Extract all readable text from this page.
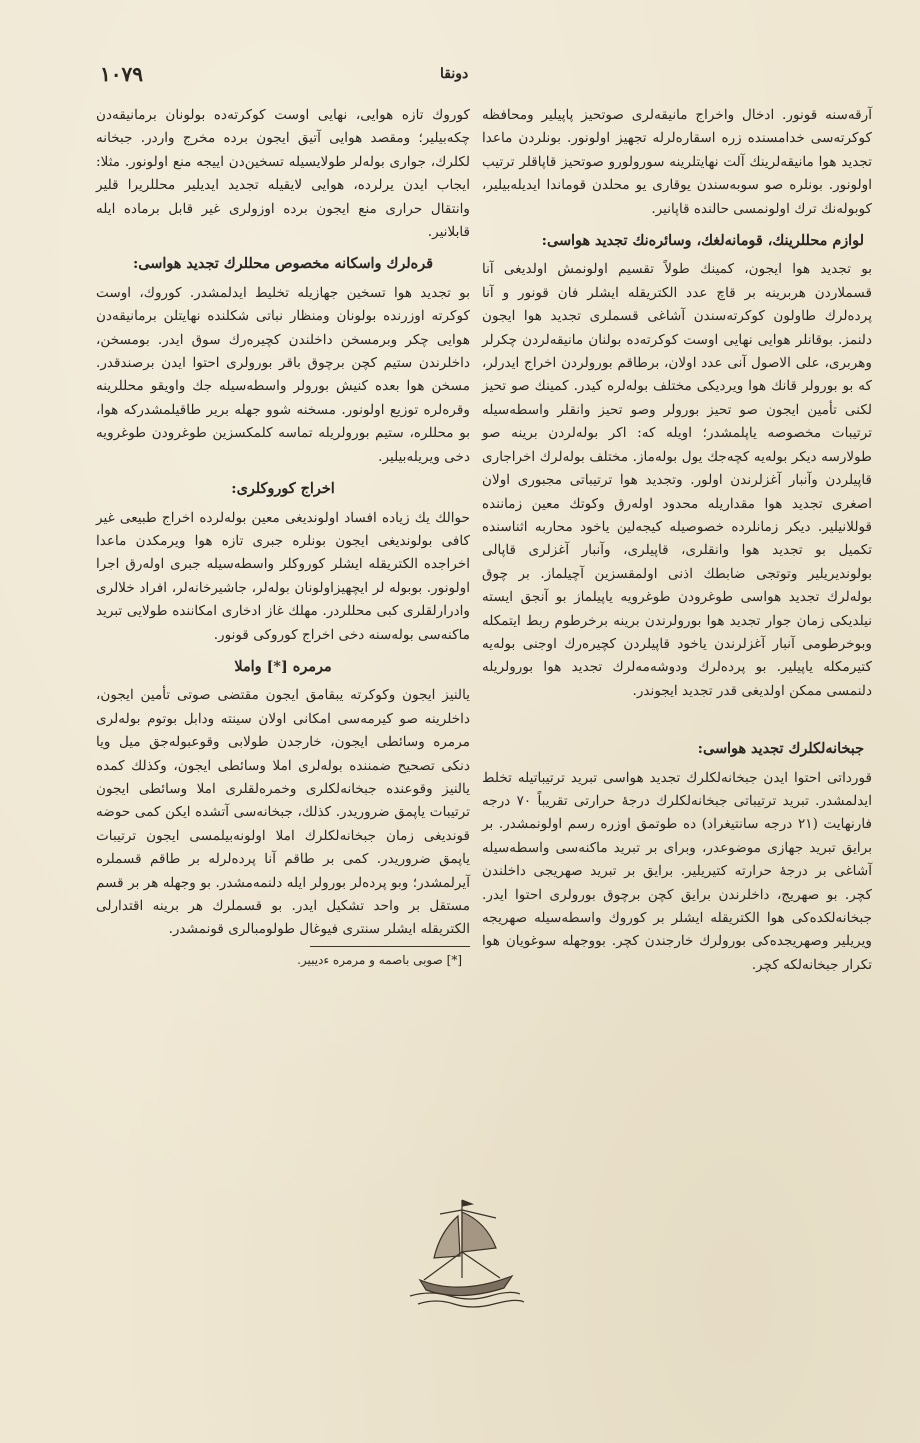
١٠٧٩	دونقا

آرقه‌سنه قونور. ادخال واخراج مانیقه‌لری صوتحیز پاپیلیر ومحافظه کوکرته‌سی خدامسنده زره اسقارەلرله تجهیز اولونور. بونلردن ماعدا تجدید هوا مانیقه‌لرینك آلت نهایتلرینه سورولورو صوتحیز قاپاقلر ترتیب اولونور. بونلره صو سوبه‌سندن یوقاری یو محلدن قوماندا ایدیله‌بیلیر، کوبوله‌نك ترك اولونمسی حالنده قاپانیر.

لوازم محللرینك، قومانه‌لغك، وسائره‌نك تجدید هواسی:

بو تجدید هوا ایجون، کمینك طولاً تقسیم اولونمش اولدیغی آنا قسملاردن هربرینه بر قاچ عدد الکتریقله ایشلر فان قونور و آنا پرده‌لرك طاولون کوکرته‌سندن آشاغی قسملری تجدید هوا ایجون دلنمز. بوقانلر هوایی نهایی اوست کوکرته‌ده بولنان مانیقه‌لردن چکرلر وهربری، علی الاصول آنی عدد اولان، برطاقم بورولردن اخراج ایدرلر، که بو بورولر قانك هوا ویردیکی مختلف بوله‌لره کیدر. کمینك صو تحیز لکنی تأمین ایجون صو تحیز بورولر وصو تحیز وانقلر واسطه‌سیله ترتیبات مخصوصه یاپلمشدر؛ اویله که: اکر بوله‌لردن برینه صو طولارسه دیکر بوله‌یه کچه‌جك یول بوله‌ماز. مختلف بوله‌لرك اخراجاری قاپیلردن وآنبار آغزلرندن اولور. وتجدید هوا ترتیباتی مجبوری اولان اصغری تجدید هوا مقداریله محدود اوله‌رق وکوتك معین زماننده قوللانیلیر. دیکر زمانلرده خصوصیله کیجه‌لین یاخود محاربه اثناسنده تکمیل بو تجدید هوا وانقلری، قاپیلری، وآنبار آغزلری قاپالی بولوندیریلیر وتوتجی ضابطك اذنی اولمقسزین آچیلماز. بر چوق بوله‌لرك تجدید هواسی طوغرودن طوغرویه یاپیلماز بو آنجق ایسته نیلدیکی زمان جوار تجدید هوا بورولرندن برینه برخرطوم ربط ایتمکله وبوخرطومی آنبار آغزلرندن یاخود قاپیلردن کچیره‌رك اوجنی بوله‌یه کتیرمکله یاپیلیر. بو پرده‌لرك ودوشه‌مه‌لرك تجدید هوا بورولریله دلنمسی ممکن اولدیغی قدر تجدید ایجوندر.

جبخانه‌لکلرك تجدید هواسی:

قورداتی احتوا ایدن جبخانه‌لکلرك تجدید هواسی تبرید ترتیباتیله تخلط ایدلمشدر. تبرید ترتیباتی جبخانه‌لکلرك درجهٔ حرارتی تقریباً ٧٠ درجه فارنهایت (٢١ درجه سانتیغراد) ده طوتمق اوزره رسم اولونمشدر. بر برایق تبرید جهازی موضوعدر، وبرای بر تبرید ماکنه‌سی واسطه‌سیله آشاغی بر درجهٔ حرارته کتیریلیر. برایق بر تبرید صهریجی داخلندن کچر. بو صهریج، داخلرندن برایق کچن برچوق بورولری احتوا ایدر. جبخانه‌لکده‌کی هوا الکتریقله ایشلر بر کوروك واسطه‌سیله صهریجه ویریلیر وصهریجده‌کی بورولرك خارجندن کچر. بووجهله سوغویان هوا تکرار جبخانه‌لکه کچر.

کوروك تازه هوایی، نهایی اوست کوکرته‌ده بولونان برمانیقه‌دن چکه‌بیلیر؛ ومقصد هوایی آتیق ایجون برده مخرج واردر. جبخانه لکلرك، جواری بوله‌لر طولایسیله تسخین‌دن اییجه منع اولونور. مثلا: ایجاب ایدن یرلرده، هوایی لایقیله تجدید ایدیلیر محللریرا قلیر وانتقال حراری منع ایجون برده اوزولری غیر قابل برماده ایله قابلانیر.

قره‌لرك واسکانه مخصوص محللرك تجدید هواسی:

بو تجدید هوا تسخین جهازیله تخلیط ایدلمشدر. کوروك، اوست کوکرته اوزرنده بولونان ومنظار نباتی شکلنده نهایتلن برمانیقه‌دن هوایی چکر وبرمسخن داخلندن کچیره‌رك سوق ایدر. بومسخن، داخلرندن ستیم کچن برچوق باقر بورولری احتوا ایدن برصندقدر. مسخن هوا بعده کنیش بورولر واسطه‌سیله جك واویقو محللرینه وقره‌لره توزیع اولونور. مسخنه شوو جهله بریر طاقیلمشدرکه هوا، بو محللره، ستیم بورولریله تماسه کلمکسزین طوغرودن طوغرویه دخی ویریله‌بیلیر.

اخراج کوروکلری:

حوالك یك زیاده افساد اولوندیغی معین بوله‌لرده اخراج طبیعی غیر کافی بولوندیغی ایجون بونلره جبری تازه هوا ویرمکدن ماعدا اخراجده الکتریقله ایشلر کوروکلر واسطه‌سیله جبری اوله‌رق اجرا اولونور. بوبوله لر ایچهیزاولونان بوله‌لر، جاشیرخانه‌لر، افراد خلالری وادرارلقلری کبی محللردر. مهلك غاز ادخاری امکاننده طولایی تبرید ماکنه‌سی بوله‌سنه دخی اخراج کوروکی قونور.

مرمره [*] واملا

یالنیز ایجون وکوکرته‌ یبقامق ایجون مقتضی صوتی تأمین ایجون، داخلرینه صو کیرمه‌سی امکانی اولان سینته ودابل بوتوم بوله‌لری مرمره وسائطی ایجون، خارجدن طولابی وقوعبوله‌جق میل ویا دنکی تصحیح ضمننده بوله‌لری املا وسائطی ایجون، وکذلك کمده یالنیز وقوعنده جبخانه‌لکلری وخمره‌لقلری املا وسائطی ایجون ترتیبات یاپمق ضروریدر. کذلك، جبخانه‌سی آتشده ایکن کمی حوضه قوندیغی زمان جبخانه‌لکلرك املا اولونه‌بیلمسی ایجون ترتیبات یاپمق ضروریدر. کمی بر طاقم آنا پرده‌لرله بر طاقم قسملره آیرلمشدر؛ وبو پرده‌لر بورولر ایله دلنمه‌مشدر. بو وجهله هر بر قسم مستقل بر واحد تشکیل ایدر. بو قسملرك هر برینه اقتدارلی الکتریقله ایشلر سنتری فیوغال طولومبالری قونمشدر.

[*] صوبی باصمه و مرمره ءدیبیر.
